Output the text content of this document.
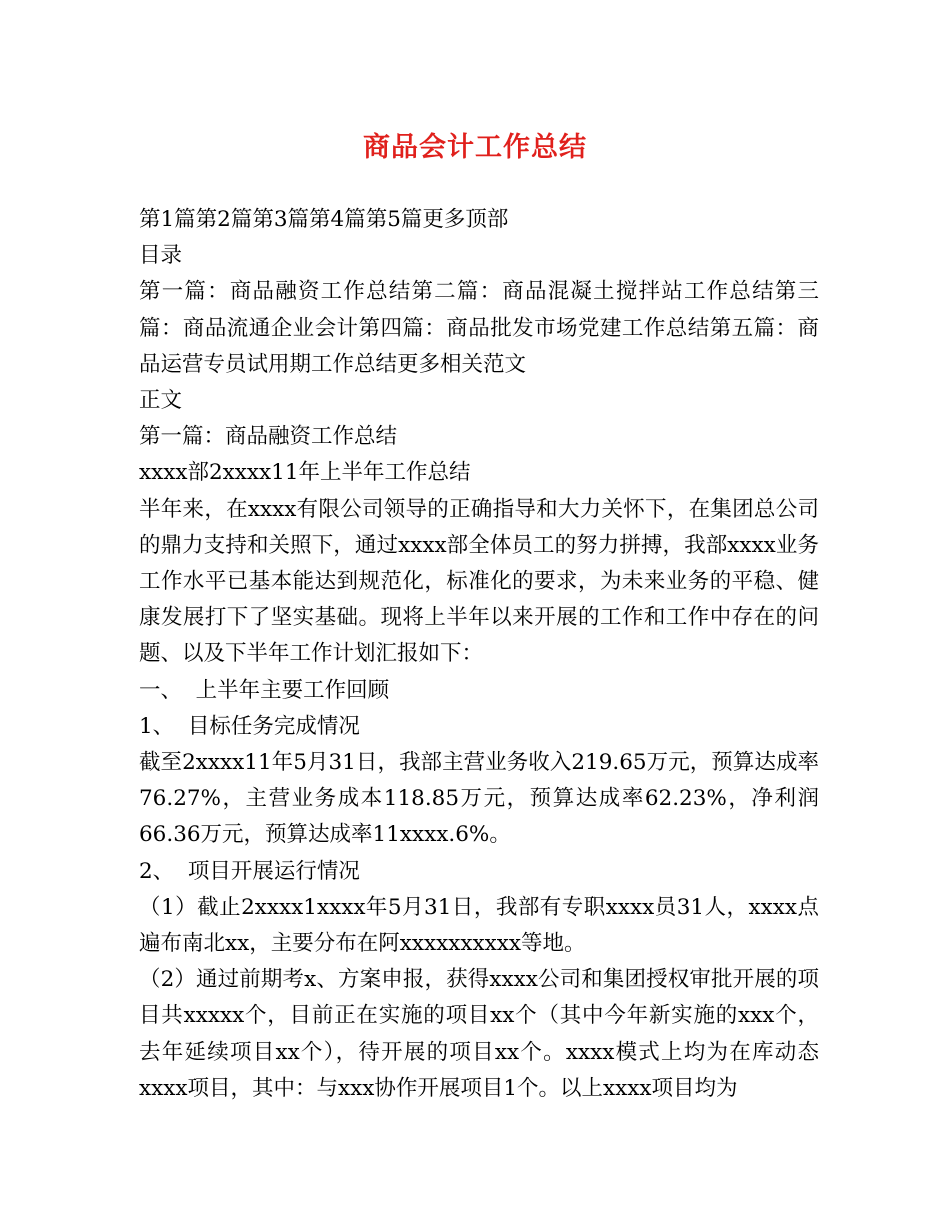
商品会计工作总结
第1篇第2篇第3篇第4篇第5篇更多顶部
目录
第一篇：商品融资工作总结第二篇：商品混凝土搅拌站工作总结第三篇：商品流通企业会计第四篇：商品批发市场党建工作总结第五篇：商品运营专员试用期工作总结更多相关范文
正文
第一篇：商品融资工作总结
xxxx部2xxxx11年上半年工作总结
半年来，在xxxx有限公司领导的正确指导和大力关怀下，在集团总公司的鼎力支持和关照下，通过xxxx部全体员工的努力拼搏，我部xxxx业务工作水平已基本能达到规范化，标准化的要求，为未来业务的平稳、健康发展打下了坚实基础。现将上半年以来开展的工作和工作中存在的问题、以及下半年工作计划汇报如下：
一、  上半年主要工作回顾
1、  目标任务完成情况
截至2xxxx11年5月31日，我部主营业务收入219.65万元，预算达成率76.27%，主营业务成本118.85万元，预算达成率62.23%，净利润66.36万元，预算达成率11xxxx.6%。
2、  项目开展运行情况
（1）截止2xxxx1xxxx年5月31日，我部有专职xxxx员31人，xxxx点遍布南北xx，主要分布在阿xxxxxxxxxx等地。
（2）通过前期考x、方案申报，获得xxxx公司和集团授权审批开展的项目共xxxxx个，目前正在实施的项目xx个（其中今年新实施的xxx个，去年延续项目xx个），待开展的项目xx个。xxxx模式上均为在库动态xxxx项目，其中：与xxx协作开展项目1个。以上xxxx项目均为
